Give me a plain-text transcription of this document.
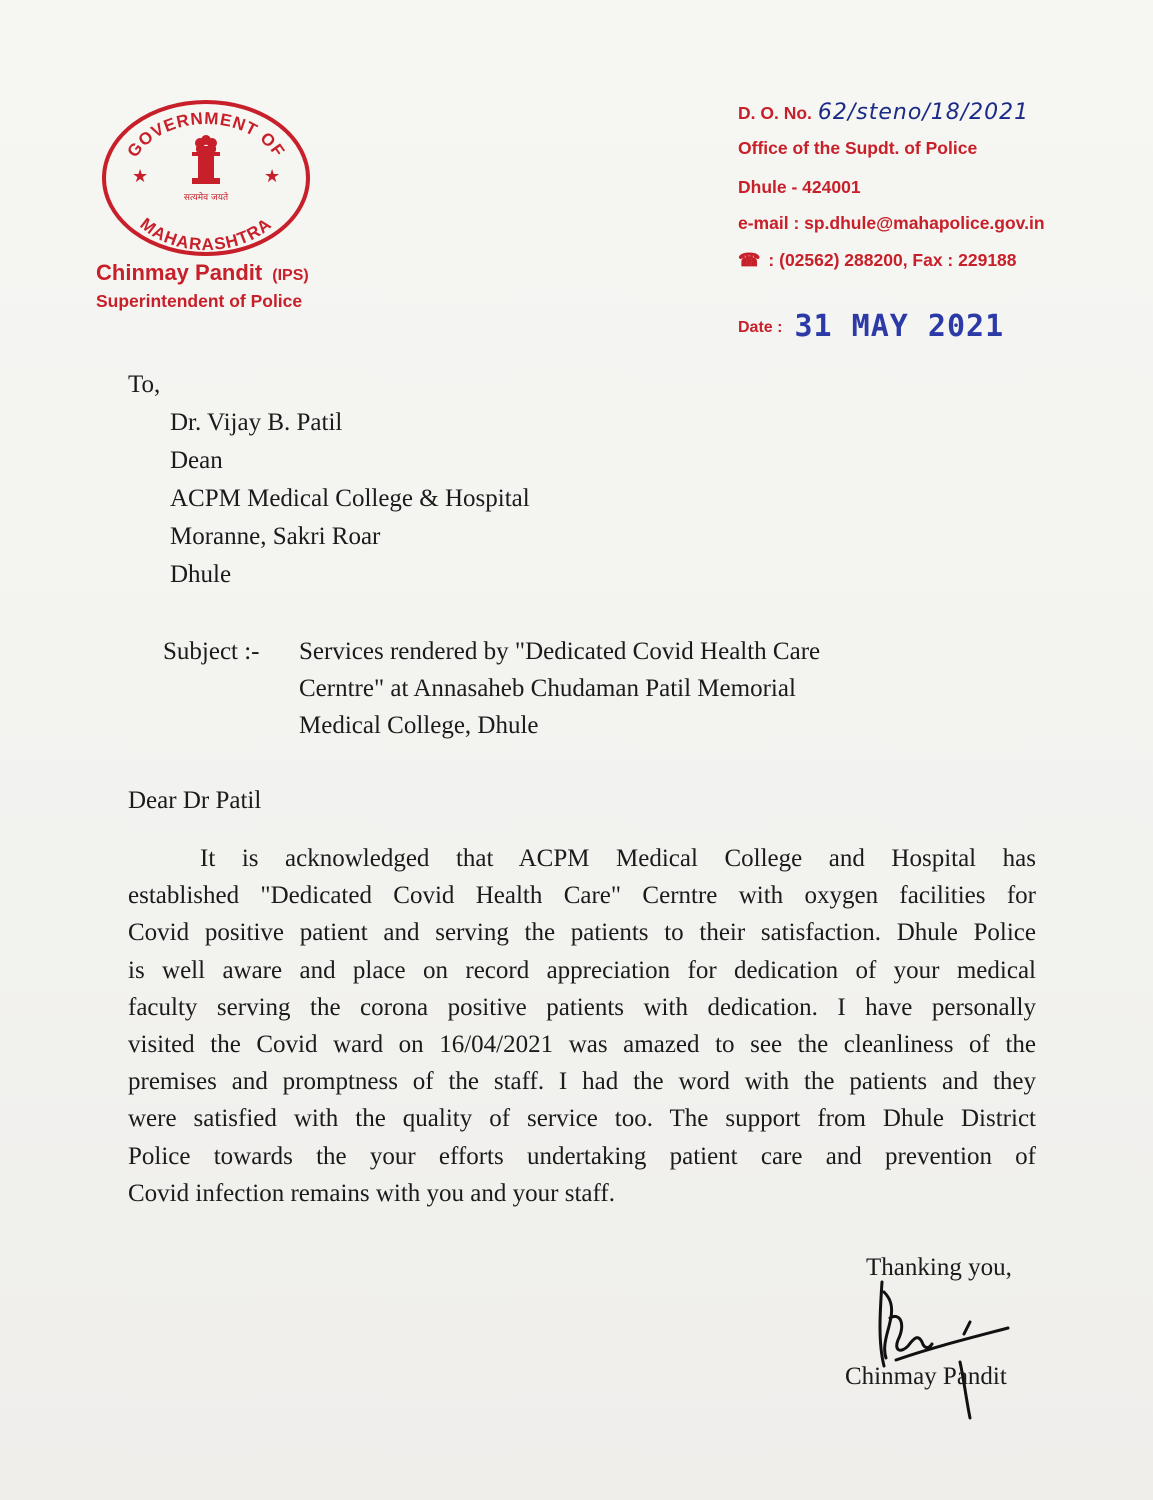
GOVERNMENT OF
MAHARASHTRA
★	★
सत्यमेव जयते
Chinmay Pandit (IPS)
Superintendent of Police
D. O. No. 62/steno/18/2021
Office of the Supdt. of Police
Dhule - 424001
e-mail : sp.dhule@mahapolice.gov.in
☎ : (02562) 288200, Fax : 229188
Date : 31 MAY 2021
To,
Dr. Vijay B. Patil
Dean
ACPM Medical College & Hospital
Moranne, Sakri Roar
Dhule
Subject :- Services rendered by "Dedicated Covid Health Care
Cerntre" at Annasaheb Chudaman Patil Memorial
Medical College, Dhule
Dear Dr Patil
It is acknowledged that ACPM Medical College and Hospital has
established "Dedicated Covid Health Care" Cerntre with oxygen facilities for
Covid positive patient and serving the patients to their satisfaction. Dhule Police
is well aware and place on record appreciation for dedication of your medical
faculty serving the corona positive patients with dedication. I have personally
visited the Covid ward on 16/04/2021 was amazed to see the cleanliness of the
premises and promptness of the staff. I had the word with the patients and they
were satisfied with the quality of service too. The support from Dhule District
Police towards the your efforts undertaking patient care and prevention of
Covid infection remains with you and your staff.
Thanking you,
Chinmay Pandit
